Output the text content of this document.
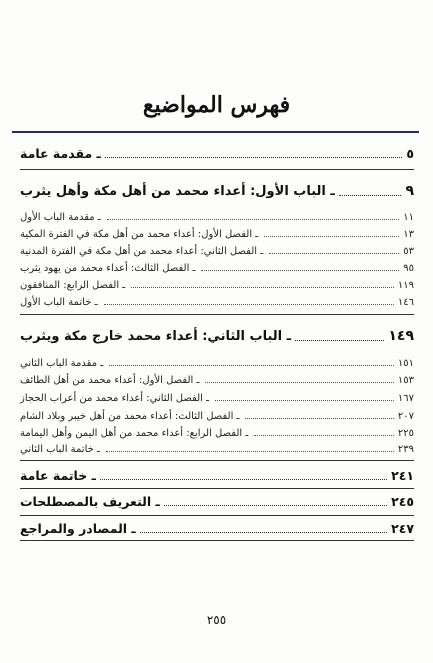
فهرس المواضيع
ـ مقدمة عامة	٥
ـ الباب الأول: أعداء محمد من أهل مكة وأهل يثرب	٩
ـ مقدمة الباب الأول	١١
ـ الفصل الأول: أعداء محمد من أهل مكة في الفترة المكية	١٣
ـ الفصل الثاني: أعداء محمد من أهل مكة في الفترة المدنية	٥٣
ـ الفصل الثالث: أعداء محمد من يهود يثرب	٩٥
ـ الفصل الرابع: المنافقون	١١٩
ـ خاتمة الباب الأول	١٤٦
ـ الباب الثاني: أعداء محمد خارج مكة ويثرب	١٤٩
ـ مقدمة الباب الثاني	١٥١
ـ الفصل الأول: أعداء محمد من أهل الطائف	١٥٣
ـ الفصل الثاني: أعداء محمد من أعراب الحجاز	١٦٧
ـ الفصل الثالث: أعداء محمد من أهل خيبر وبلاد الشام	٢٠٧
ـ الفصل الرابع: أعداء محمد من أهل اليمن وأهل اليمامة	٢٢٥
ـ خاتمة الباب الثاني	٢٣٩
ـ خاتمة عامة	٢٤١
ـ التعريف بالمصطلحات	٢٤٥
ـ المصادر والمراجع	٢٤٧
٢٥٥
